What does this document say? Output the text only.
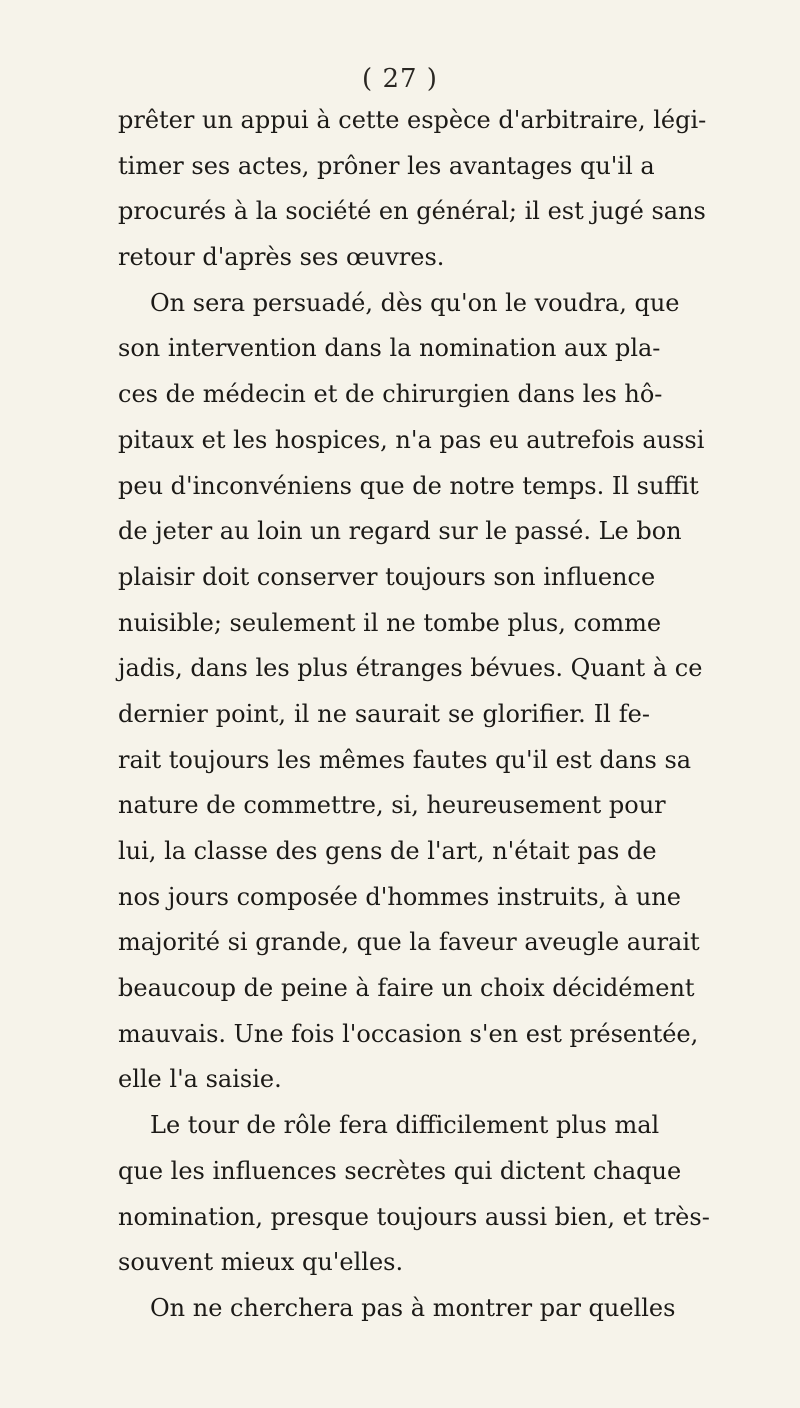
( 27 )
prêter un appui à cette espèce d'arbitraire, légi-
timer ses actes, prôner les avantages qu'il a
procurés à la société en général; il est jugé sans
retour d'après ses œuvres.
On sera persuadé, dès qu'on le voudra, que
son intervention dans la nomination aux pla-
ces de médecin et de chirurgien dans les hô-
pitaux et les hospices, n'a pas eu autrefois aussi
peu d'inconvéniens que de notre temps. Il suffit
de jeter au loin un regard sur le passé. Le bon
plaisir doit conserver toujours son influence
nuisible; seulement il ne tombe plus, comme
jadis, dans les plus étranges bévues. Quant à ce
dernier point, il ne saurait se glorifier. Il fe-
rait toujours les mêmes fautes qu'il est dans sa
nature de commettre, si, heureusement pour
lui, la classe des gens de l'art, n'était pas de
nos jours composée d'hommes instruits, à une
majorité si grande, que la faveur aveugle aurait
beaucoup de peine à faire un choix décidément
mauvais. Une fois l'occasion s'en est présentée,
elle l'a saisie.
Le tour de rôle fera difficilement plus mal
que les influences secrètes qui dictent chaque
nomination, presque toujours aussi bien, et très-
souvent mieux qu'elles.
On ne cherchera pas à montrer par quelles
